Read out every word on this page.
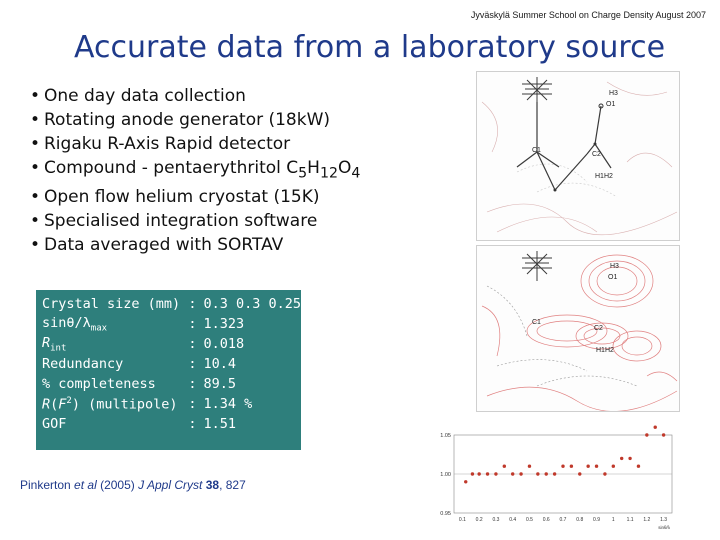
Jyväskylä Summer School on Charge Density August 2007
Accurate data from a laboratory source
• One day data collection
• Rotating anode generator (18kW)
• Rigaku R-Axis Rapid detector
• Compound - pentaerythritol $C_5H_{12}O_4$
• Open flow helium cryostat (15K)
• Specialised integration software
• Data averaged with SORTAV
Crystal size (mm)	:	0.3 0.3 0.25
sinθ/$\lambda_{max}$	:	1.323
$R_{int}$	:	0.018
Redundancy	:	10.4
% completeness	:	89.5
$R(F^2)$ (multipole)	:	1.34 %
GOF	:	1.51
Pinkerton et al (2005) J Appl Cryst 38, 827
H3
O1
C1
C2
H1H2
H3
O1
C1
C2
H1H2
1.05
1.00
0.95
0.1 0.2 0.3 0.4 0.5 0.6 0.7 0.8 0.9 1 1.1 1.2 1.3
sinθ/λ
